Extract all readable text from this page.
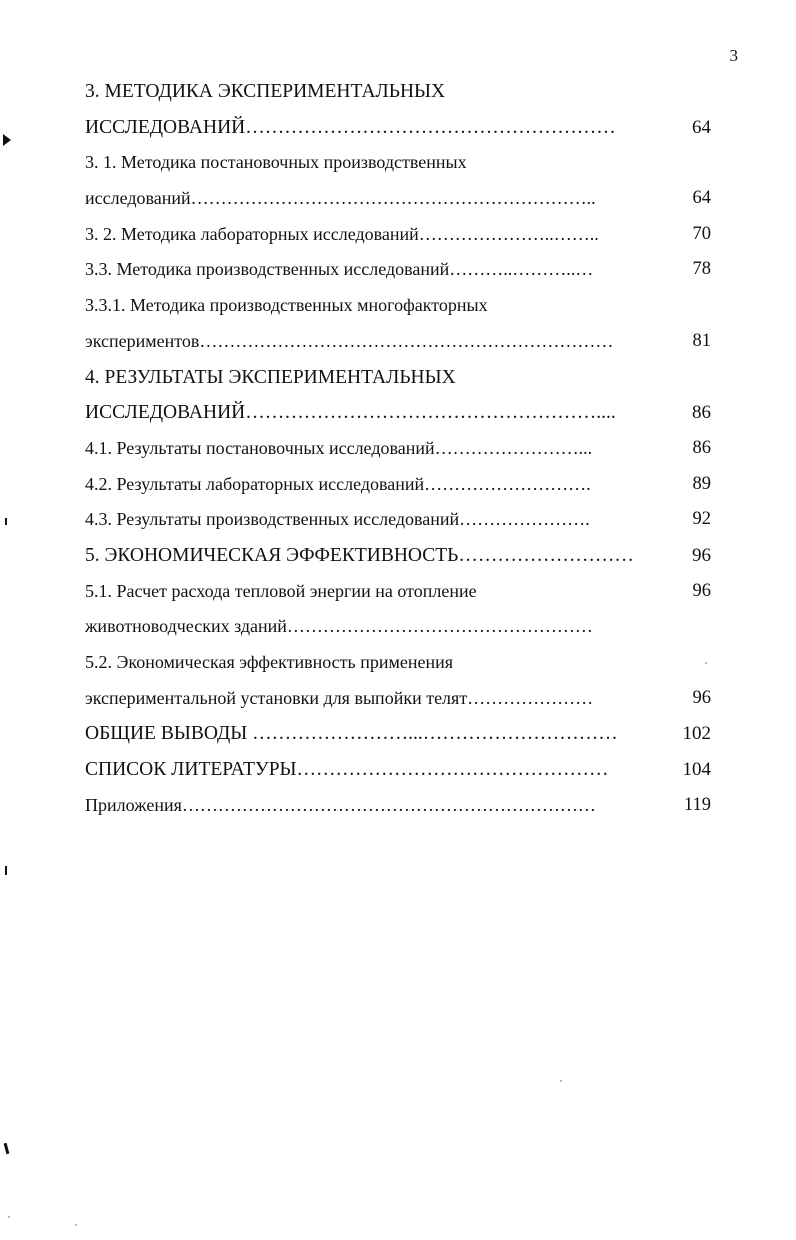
3
3. МЕТОДИКА ЭКСПЕРИМЕНТАЛЬНЫХ
ИССЛЕДОВАНИЙ…………………………………………………	64
3. 1. Методика постановочных производственных
исследований…………………………………………………………..	64
3. 2. Методика лабораторных исследований…………………..……..	70
3.3. Методика производственных исследований………..………..…	78
3.3.1. Методика производственных многофакторных
экспериментов……………………………………………………………	81
4. РЕЗУЛЬТАТЫ ЭКСПЕРИМЕНТАЛЬНЫХ
ИССЛЕДОВАНИЙ………………………………………………....	86
4.1. Результаты постановочных исследований……………………...	86
4.2. Результаты лабораторных исследований……………………….	89
4.3. Результаты производственных исследований………………….	92
5. ЭКОНОМИЧЕСКАЯ ЭФФЕКТИВНОСТЬ………………………	96
5.1. Расчет расхода тепловой энергии на отопление	96
животноводческих зданий……………………………………………
5.2. Экономическая эффективность применения
экспериментальной установки для выпойки телят…………………	96
ОБЩИЕ ВЫВОДЫ ……………………...…………………………	102
СПИСОК ЛИТЕРАТУРЫ…………………………………………	104
Приложения……………………………………………………………	119
